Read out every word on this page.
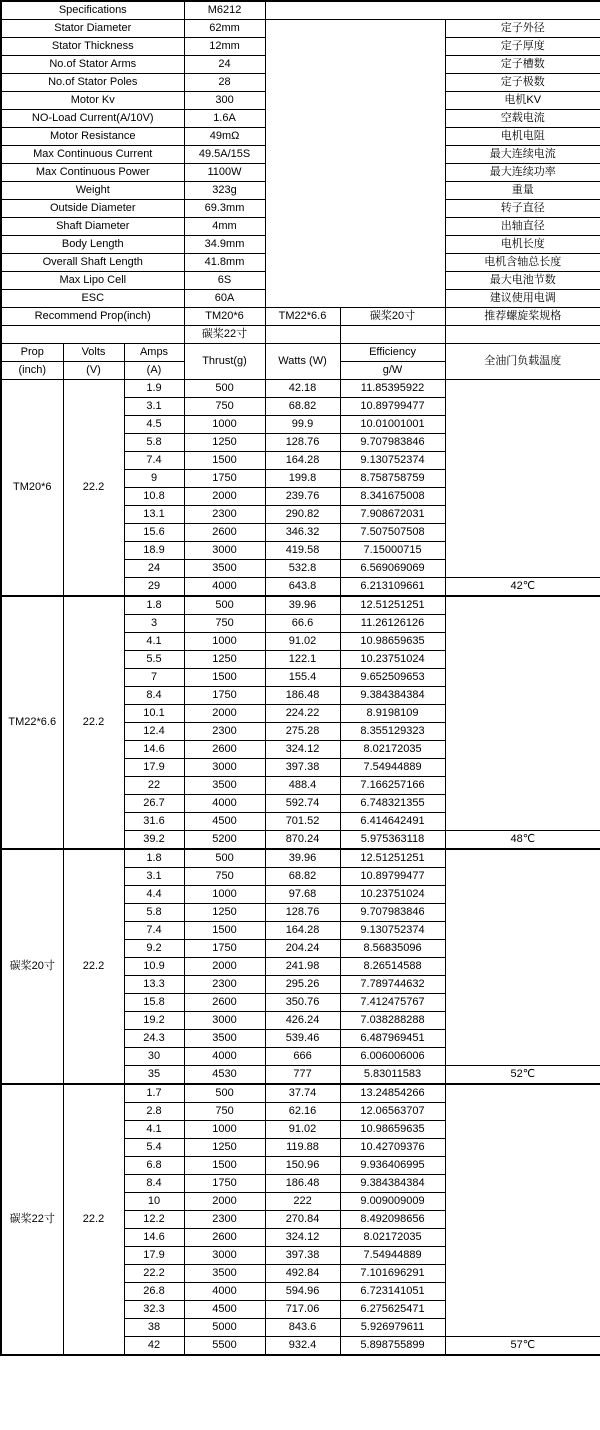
Specifications			M6212			
Stator Diameter			62mm			定子外径
Stator Thickness			12mm			定子厚度
No.of Stator Arms			24			定子槽数
No.of Stator Poles			28			定子极数
Motor Kv			300			电机KV
NO-Load Current(A/10V)			1.6A			空载电流
Motor Resistance			49mΩ			电机电阻
Max Continuous Current			49.5A/15S			最大连续电流
Max Continuous Power			1100W			最大连续功率
Weight			323g			重量
Outside Diameter			69.3mm			转子直径
Shaft Diameter			4mm			出轴直径
Body Length			34.9mm			电机长度
Overall Shaft Length			41.8mm			电机含轴总长度
Max Lipo Cell			6S			最大电池节数
ESC			60A			建议使用电调
Recommend Prop(inch)			TM20*6	TM22*6.6	碳桨20寸	推荐螺旋桨规格
			碳桨22寸			
Prop	Volts	Amps	Thrust(g)	Watts (W)	Efficiency	全油门负载温度
(inch)	(V)	(A)			g/W	
TM20*6	22.2	1.9	500	42.18	11.85395922	
		3.1	750	68.82	10.89799477	
		4.5	1000	99.9	10.01001001	
		5.8	1250	128.76	9.707983846	
		7.4	1500	164.28	9.130752374	
		9	1750	199.8	8.758758759	
		10.8	2000	239.76	8.341675008	
		13.1	2300	290.82	7.908672031	
		15.6	2600	346.32	7.507507508	
		18.9	3000	419.58	7.15000715	
		24	3500	532.8	6.569069069	
		29	4000	643.8	6.213109661	42℃
TM22*6.6	22.2	1.8	500	39.96	12.51251251	
		3	750	66.6	11.26126126	
		4.1	1000	91.02	10.98659635	
		5.5	1250	122.1	10.23751024	
		7	1500	155.4	9.652509653	
		8.4	1750	186.48	9.384384384	
		10.1	2000	224.22	8.9198109	
		12.4	2300	275.28	8.355129323	
		14.6	2600	324.12	8.02172035	
		17.9	3000	397.38	7.54944889	
		22	3500	488.4	7.166257166	
		26.7	4000	592.74	6.748321355	
		31.6	4500	701.52	6.414642491	
		39.2	5200	870.24	5.975363118	48℃
碳桨20寸	22.2	1.8	500	39.96	12.51251251	
		3.1	750	68.82	10.89799477	
		4.4	1000	97.68	10.23751024	
		5.8	1250	128.76	9.707983846	
		7.4	1500	164.28	9.130752374	
		9.2	1750	204.24	8.56835096	
		10.9	2000	241.98	8.26514588	
		13.3	2300	295.26	7.789744632	
		15.8	2600	350.76	7.412475767	
		19.2	3000	426.24	7.038288288	
		24.3	3500	539.46	6.487969451	
		30	4000	666	6.006006006	
		35	4530	777	5.83011583	52℃
碳桨22寸	22.2	1.7	500	37.74	13.24854266	
		2.8	750	62.16	12.06563707	
		4.1	1000	91.02	10.98659635	
		5.4	1250	119.88	10.42709376	
		6.8	1500	150.96	9.936406995	
		8.4	1750	186.48	9.384384384	
		10	2000	222	9.009009009	
		12.2	2300	270.84	8.492098656	
		14.6	2600	324.12	8.02172035	
		17.9	3000	397.38	7.54944889	
		22.2	3500	492.84	7.101696291	
		26.8	4000	594.96	6.723141051	
		32.3	4500	717.06	6.275625471	
		38	5000	843.6	5.926979611	
		42	5500	932.4	5.898755899	57℃
